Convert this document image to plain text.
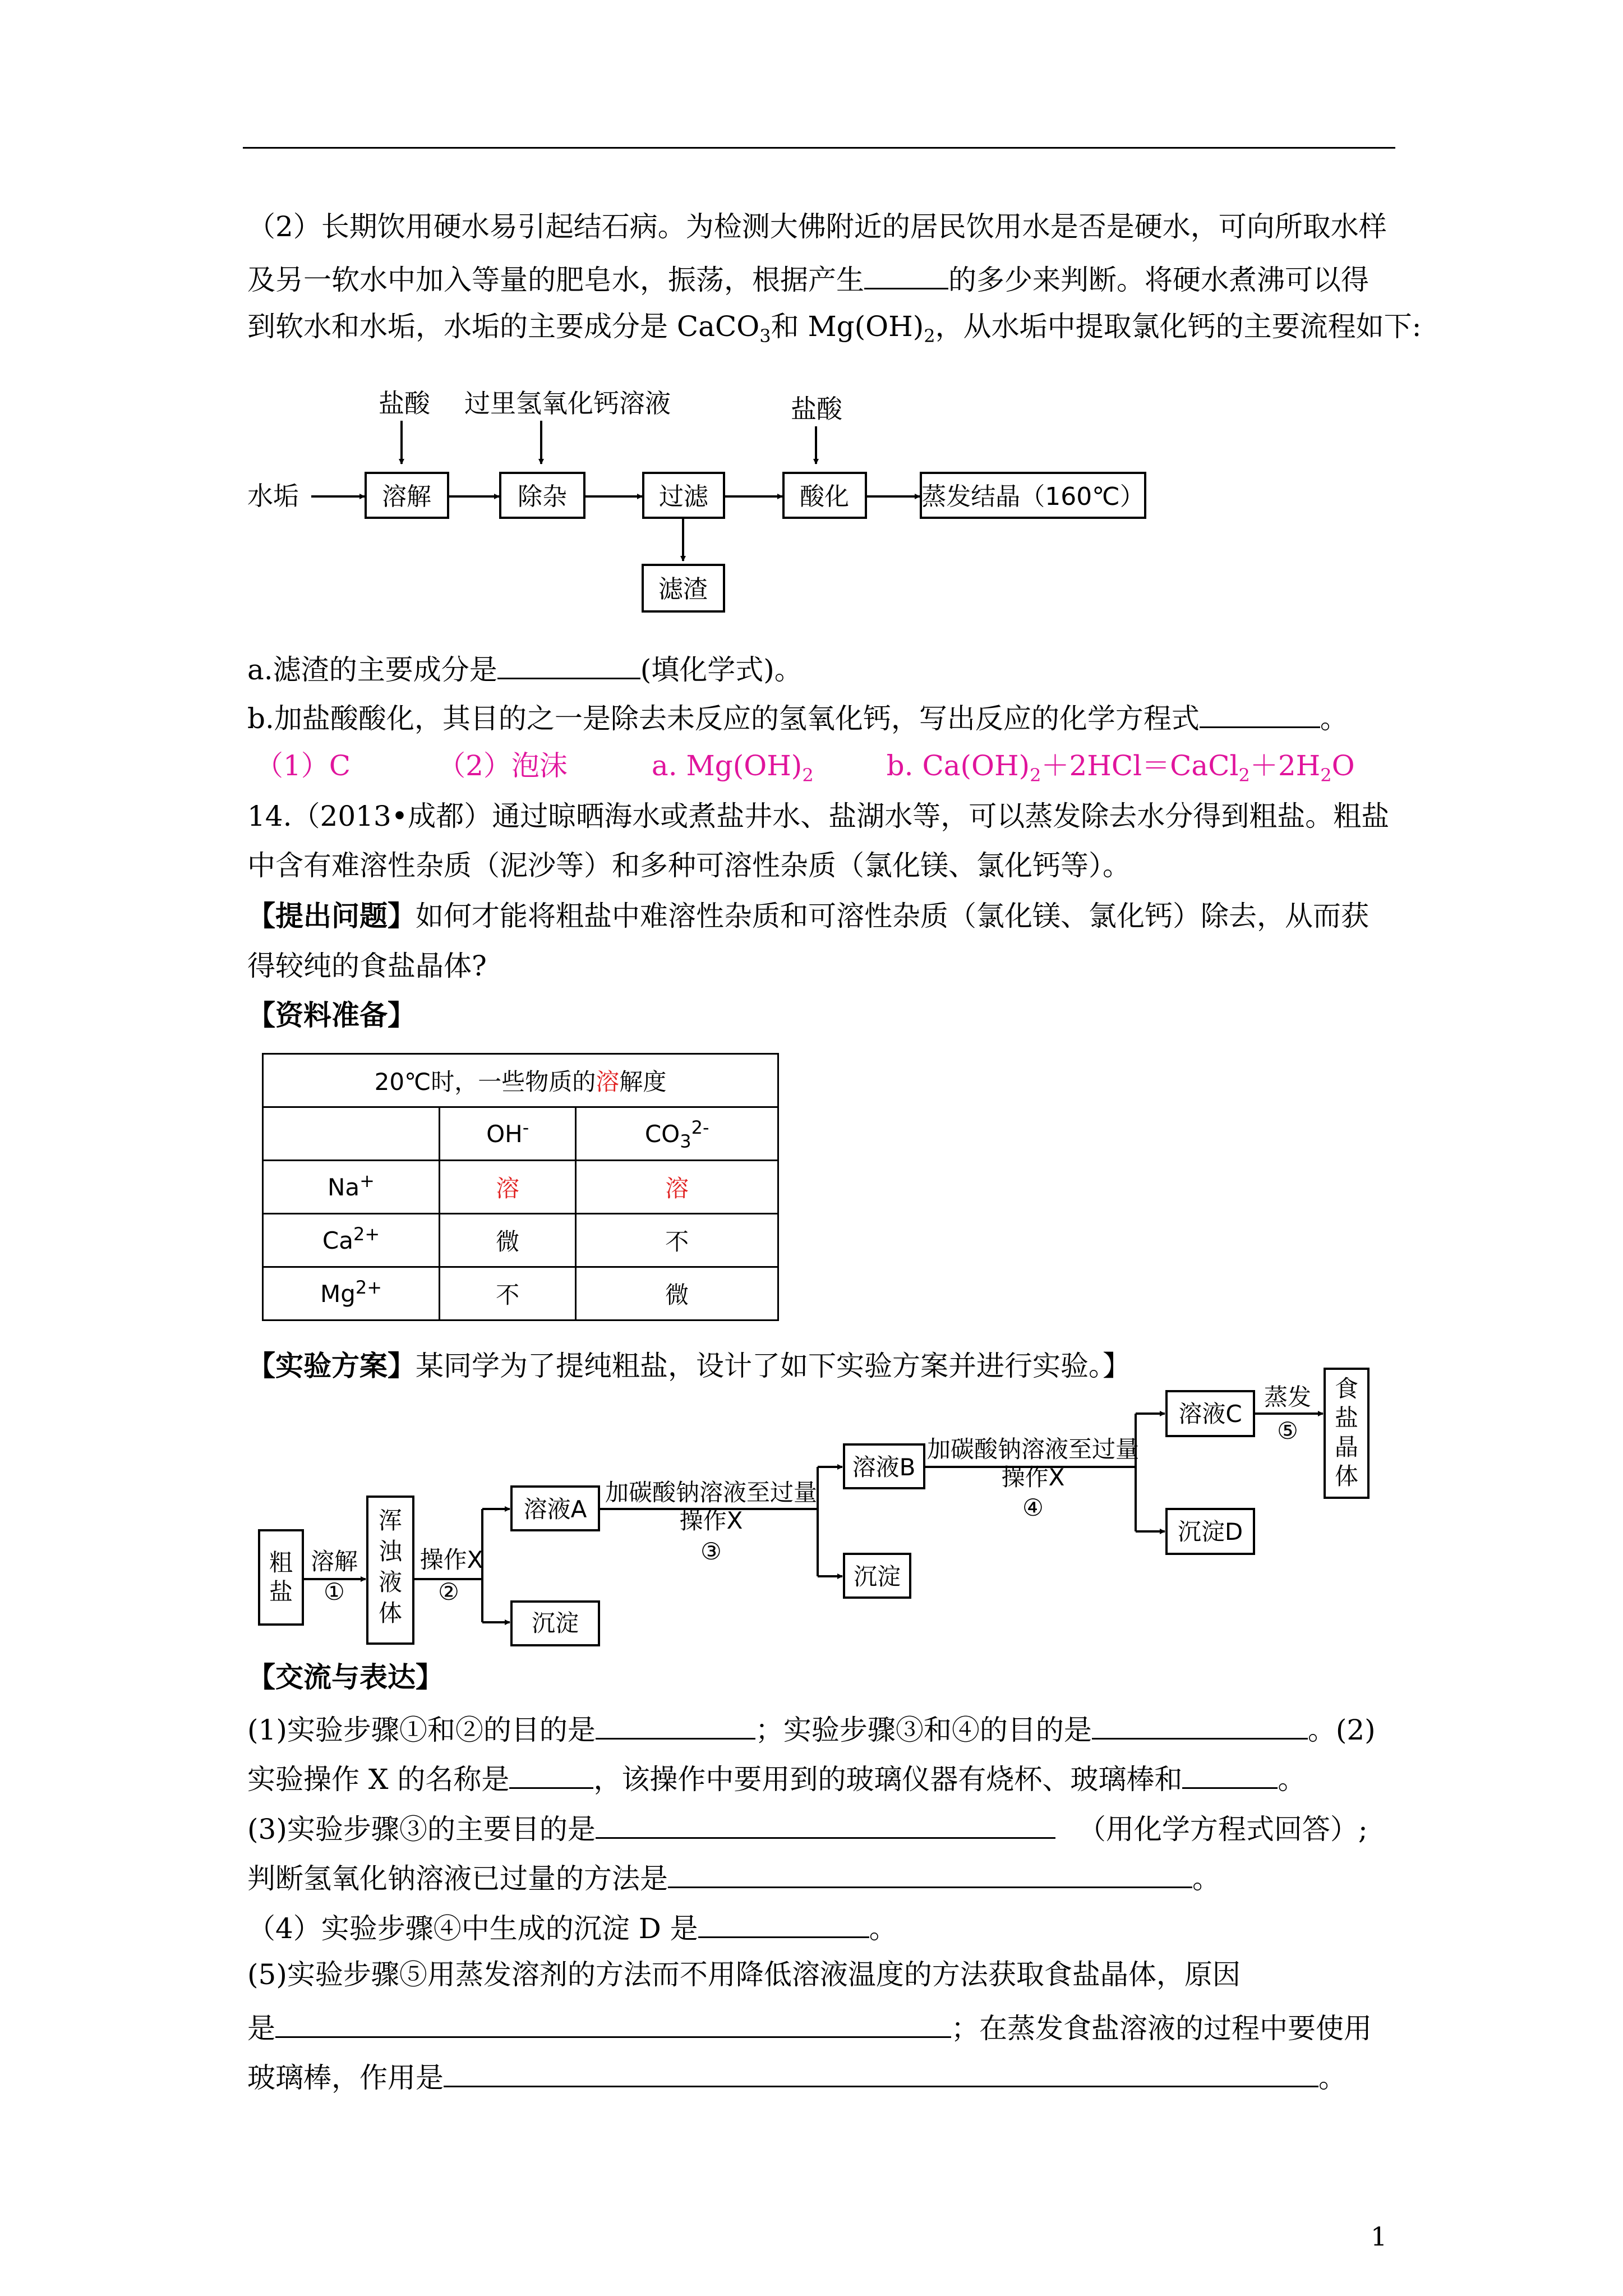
（2）长期饮用硬水易引起结石病。为检测大佛附近的居民饮用水是否是硬水，可向所取水样
及另一软水中加入等量的肥皂水，振荡，根据产生	的多少来判断。将硬水煮沸可以得
到软水和水垢，水垢的主要成分是 CaCO$_3$和 $Mg(OH)_2$，从水垢中提取氯化钙的主要流程如下:
盐酸 过里氢氧化钙溶液	盐酸
水垢	溶解	除杂	过滤	酸化	蒸发结晶（160℃）
滤渣
a.滤渣的主要成分是	(填化学式)。
b.加盐酸酸化，其目的之一是除去未反应的氢氧化钙，写出反应的化学方程式	。
（1）C	（2）泡沫	a. $Mg(OH)_2$	b. $Ca(OH)_2+2HCl=CaCl_2+2H_2O$
14.（2013•成都）通过晾晒海水或煮盐井水、盐湖水等，可以蒸发除去水分得到粗盐。粗盐
中含有难溶性杂质（泥沙等）和多种可溶性杂质（氯化镁、氯化钙等）。
【提出问题】如何才能将粗盐中难溶性杂质和可溶性杂质（氯化镁、氯化钙）除去，从而获
得较纯的食盐晶体?
【资料准备】
20℃时，一些物质的溶解度		
	OH-	$CO_3^{2-}$
Na+	溶	溶
$Ca^{2+}$	微	不
$Mg^{2+}$	不	微
【实验方案】某同学为了提纯粗盐，设计了如下实验方案并进行实验。】
粗
盐
溶解
①
浑
浊
液
体
操作X
②
溶液A
沉淀
加碳酸钠溶液至过量
操作X
③
溶液B
沉淀
加碳酸钠溶液至过量
操作X
④
溶液C
沉淀D
蒸发
⑤
食
盐
晶
体
【交流与表达】
(1)实验步骤①和②的目的是	；实验步骤③和④的目的是	。(2)
实验操作 X 的名称是	，该操作中要用到的玻璃仪器有烧杯、玻璃棒和	。
(3)实验步骤③的主要目的是	（用化学方程式回答）;
判断氢氧化钠溶液已过量的方法是	。
（4）实验步骤④中生成的沉淀 D 是	。
(5)实验步骤⑤用蒸发溶剂的方法而不用降低溶液温度的方法获取食盐晶体，原因
是	；在蒸发食盐溶液的过程中要使用
玻璃棒，作用是	。
1
